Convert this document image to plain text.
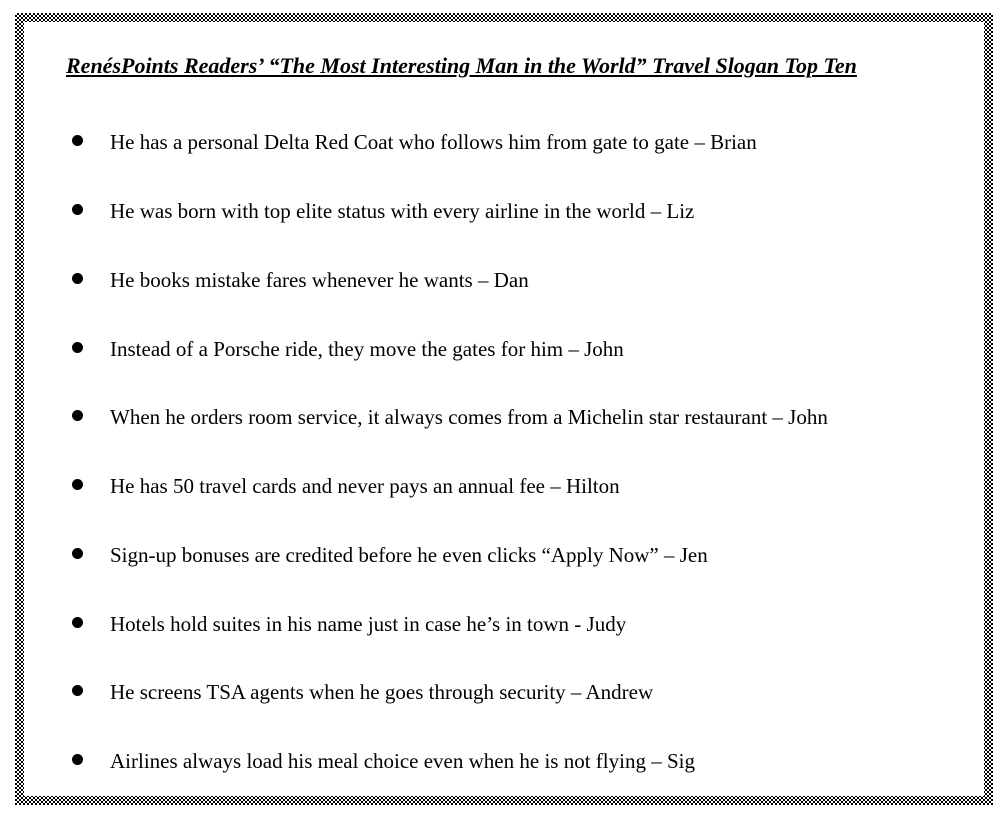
RenésPoints Readers’ “The Most Interesting Man in the World” Travel Slogan Top Ten
He has a personal Delta Red Coat who follows him from gate to gate – Brian
He was born with top elite status with every airline in the world – Liz
He books mistake fares whenever he wants – Dan
Instead of a Porsche ride, they move the gates for him – John
When he orders room service, it always comes from a Michelin star restaurant – John
He has 50 travel cards and never pays an annual fee – Hilton
Sign-up bonuses are credited before he even clicks “Apply Now” – Jen
Hotels hold suites in his name just in case he’s in town - Judy
He screens TSA agents when he goes through security – Andrew
Airlines always load his meal choice even when he is not flying – Sig
